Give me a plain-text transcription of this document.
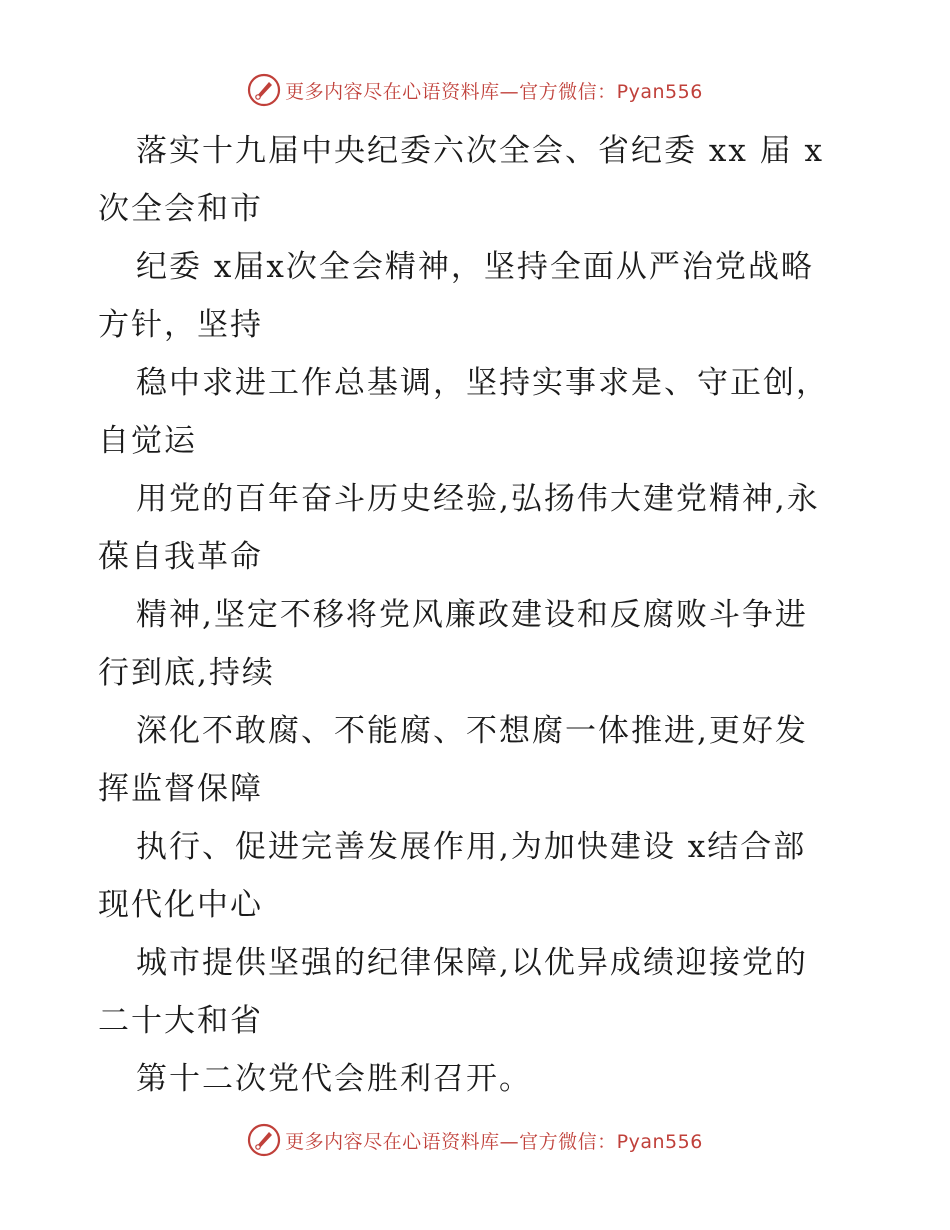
更多内容尽在心语资料库—官方微信：Pyan556

落实十九届中央纪委六次全会、省纪委 xx 届 x
次全会和市

纪委 x届x次全会精神，坚持全面从严治党战略
方针，坚持

稳中求进工作总基调，坚持实事求是、守正创，
自觉运

用党的百年奋斗历史经验,弘扬伟大建党精神,永
葆自我革命

精神,坚定不移将党风廉政建设和反腐败斗争进
行到底,持续

深化不敢腐、不能腐、不想腐一体推进,更好发
挥监督保障

执行、促进完善发展作用,为加快建设 x结合部
现代化中心

城市提供坚强的纪律保障,以优异成绩迎接党的
二十大和省

第十二次党代会胜利召开。

更多内容尽在心语资料库—官方微信：Pyan556
